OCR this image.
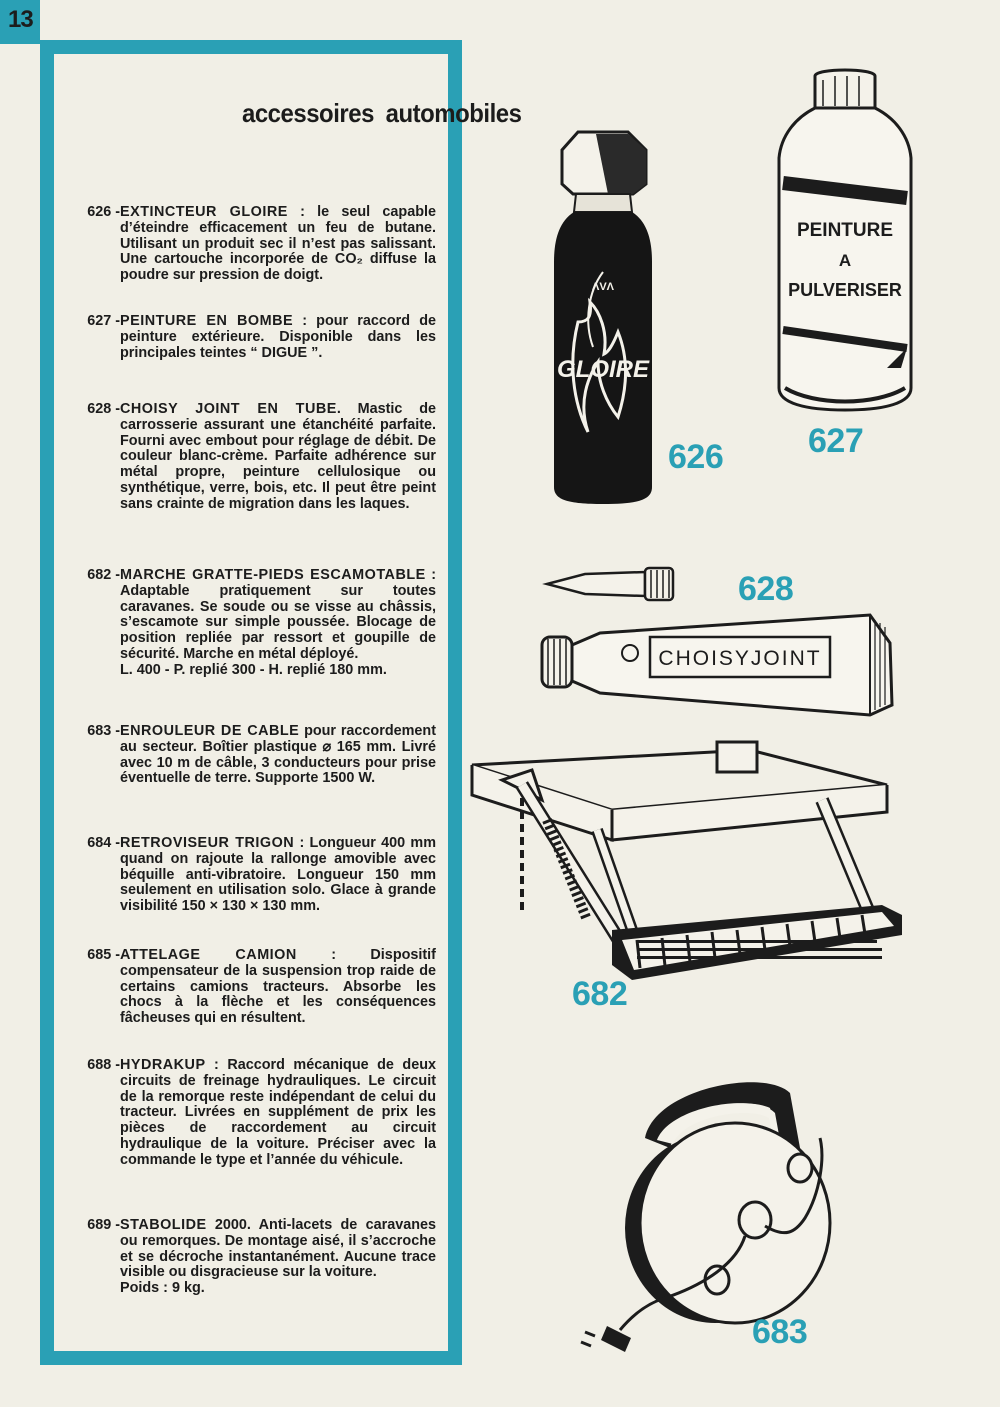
13
accessoires automobiles
626 - EXTINCTEUR GLOIRE : le seul capable d’éteindre efficacement un feu de butane. Utilisant un produit sec il n’est pas salissant. Une cartouche incorporée de CO₂ diffuse la poudre sur pression de doigt.
627 - PEINTURE EN BOMBE : pour raccord de peinture extérieure. Disponible dans les principales teintes “ DIGUE ”.
628 - CHOISY JOINT EN TUBE. Mastic de carrosserie assurant une étanchéité parfaite. Fourni avec embout pour réglage de débit. De couleur blanc-crème. Parfaite adhérence sur métal propre, peinture cellulosique ou synthétique, verre, bois, etc. Il peut être peint sans crainte de migration dans les laques.
682 - MARCHE GRATTE-PIEDS ESCAMOTABLE : Adaptable pratiquement sur toutes caravanes. Se soude ou se visse au châssis, s’escamote sur simple poussée. Blocage de position repliée par ressort et goupille de sécurité. Marche en métal déployé.
L. 400 - P. replié 300 - H. replié 180 mm.
683 - ENROULEUR DE CABLE pour raccordement au secteur. Boîtier plastique ⌀ 165 mm. Livré avec 10 m de câble, 3 conducteurs pour prise éventuelle de terre. Supporte 1500 W.
684 - RETROVISEUR TRIGON : Longueur 400 mm quand on rajoute la rallonge amovible avec béquille anti-vibratoire. Longueur 150 mm seulement en utilisation solo. Glace à grande visibilité 150 × 130 × 130 mm.
685 - ATTELAGE CAMION : Dispositif compensateur de la suspension trop raide de certains camions tracteurs. Absorbe les chocs à la flèche et les conséquences fâcheuses qui en résultent.
688 - HYDRAKUP : Raccord mécanique de deux circuits de freinage hydrauliques. Le circuit de la remorque reste indépendant de celui du tracteur. Livrées en supplément de prix les pièces de raccordement au circuit hydraulique de la voiture. Préciser avec la commande le type et l’année du véhicule.
689 - STABOLIDE 2000. Anti-lacets de caravanes ou remorques. De montage aisé, il s’accroche et se décroche instantanément. Aucune trace visible ou disgracieuse sur la voiture.
Poids : 9 kg.
ΛVΛ
GLOIRE
626
PEINTURE
A
PULVERISER
627
628
CHOISYJOINT
682
683
